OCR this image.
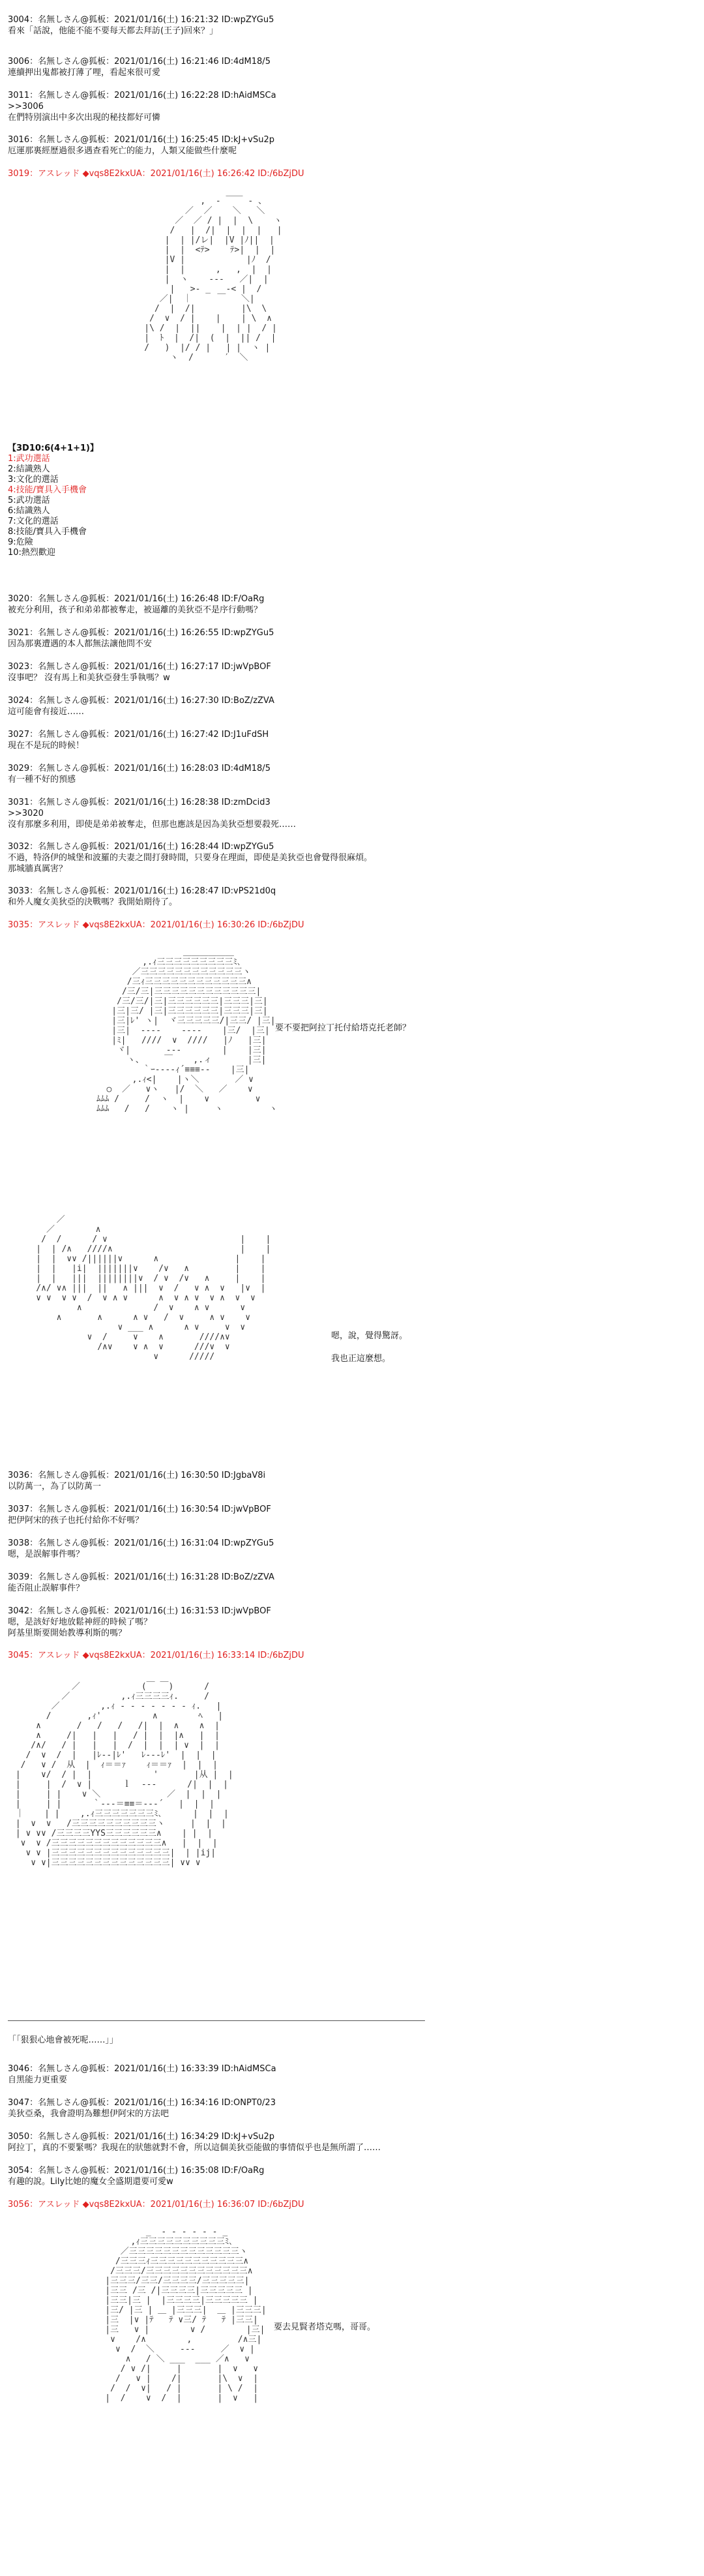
3004：名無しさん@狐板：2021/01/16(土) 16:21:32 ID:wpZYGu5
看來「話說，他能不能不要每天都去拜訪(王子)回來？」
3006：名無しさん@狐板：2021/01/16(土) 16:21:46 ID:4dM18/5
連續押出鬼都被打薄了哩，看起來很可愛
3011：名無しさん@狐板：2021/01/16(土) 16:22:28 ID:hAidMSCa
>>3006
在們特別演出中多次出現的秘技都好可憐
3016：名無しさん@狐板：2021/01/16(土) 16:25:45 ID:kJ+vSu2p
厄運那裏經歷過很多遇查看死亡的能力，人類又能做些什麼呢
3019：アスレッド ◆vqs8E2kxUA：2021/01/16(土) 16:26:42 ID:/6bZjDU
,  ‐ ￣￣ ‐ 、
／  ／    ＼   ＼
／  ／ / |  |  \    ヽ
/   |  /|  |  |  |   |
|  | |/レ|  |V |ﾉ||  |
|  |  <ﾃ>    ﾃ>|  |  |
|V |            |ﾉ  /
|  |      ,   ,  |  |
|  ヽ    ‐‐‐   ／|  |
|   >‐ _   ‐< |  /
／|  ｜     ￣   ＼|
/  |  /|         |\  \
/  ∨  / |    |    | \  ∧
|\ /  |  ||    |  | |  / |
|  ﾄ  |  /|  (  |  || /  |
/   )  |/ / |   | |  ヽ |
ヽ  /      ′  ＼
【3D10:6(4+1+1)】
1:武功選話
2:結識熟人
3:文化的選話
4:技能/寶具入手機會
5:武功選話
6:結識熟人
7:文化的選話
8:技能/寶具入手機會
9:危險
10:熱烈歡迎
3020：名無しさん@狐板：2021/01/16(土) 16:26:48 ID:F/OaRg
被充分利用，孩子和弟弟都被奪走，被逼離的美狄亞不是序行動嗎？
3021：名無しさん@狐板：2021/01/16(土) 16:26:55 ID:wpZYGu5
因為那裏遭遇的本人都無法讓他問不安
3023：名無しさん@狐板：2021/01/16(土) 16:27:17 ID:jwVpBOF
沒事吧？ 沒有馬上和美狄亞發生爭執嗎？w
3024：名無しさん@狐板：2021/01/16(土) 16:27:30 ID:BoZ/zZVA
這可能會有接近……
3027：名無しさん@狐板：2021/01/16(土) 16:27:42 ID:J1uFdSH
現在不是玩的時候！
3029：名無しさん@狐板：2021/01/16(土) 16:28:03 ID:4dM18/5
有一種不好的預感
3031：名無しさん@狐板：2021/01/16(土) 16:28:38 ID:zmDcid3
>>3020
沒有那麼多利用，即使是弟弟被奪走，但那也應該是因為美狄亞想要殺死……
3032：名無しさん@狐板：2021/01/16(土) 16:28:44 ID:wpZYGu5
不過，特洛伊的城堡和波羅的夫妻之間打發時間，只要身在理面，即使是美狄亞也會覺得很麻煩。
那城牆真厲害？
3033：名無しさん@狐板：2021/01/16(土) 16:28:47 ID:vPS21d0q
和外人魔女美狄亞的決戰嗎？我開始期待了。
3035：アスレッド ◆vqs8E2kxUA：2021/01/16(土) 16:30:26 ID:/6bZjDU
＿＿＿＿＿＿
,.ｨ三三三三三三三三三ﾐ､
／三三三三三三三三三三三三ヽ
/三ｨ三三三三三三三三三三三三∧
/三/三|三三三三三三三三三三三三|
/三/三/|三|三三三三三三|三三三|三|
|三|三/ |三|三三三三三三|三三三|三|
|三|ﾚ' ヽ|  ヾ三三三三三/|三三/ |三|
|三|  ‐‐‐‐    ‐‐‐‐    |三/  |三|
|ﾐ|   ////  ∨  ////   |ﾉ   |三|
ヾ|       ‐‐‐        |    |三|
ヽ、    ￣    ,.ィ       |三|
｀ｰ‐‐‐‐ｨ´≡≡≡‐‐    |三|
,.ｨ<|    |ヽ＼       ／ ∨
○  ／   ∨ヽ   |/  ＼   ／    ∨
ﾑﾑﾑ /     /  ヽ  |    ∨         ∨
ﾑﾑﾑ   /   /    ヽ |     ヽ         ヽ
要不要把阿拉丁托付給塔克托老師？
／
／        ∧
/  /      / ∨                          |    |
|  | /∧   ////∧                         |    |
|  |  ∨∨ /||||||∨      ∧               |    |
|  |   |i|  |||||||∨    /∨   ∧         |    |
|  |   |||  ||||||||∨  / ∨  /∨   ∧     |    |
/∧/ ∨∧ |||  ||   ∧ |||  ∨  /   ∨ ∧  ∨   |∨  |
∨ ∨  ∨ ∨  /  ∨ ∧ ∨      ∧  ∨ ∧ ∨  ∨ ∧  ∨  ∨
∧              /  ∨    ∧ ∨      ∨
∧       ∧      ∧ ∨   /  ∨     ∧ ∨    ∨
∨ ___ ∧      ∧ ∨     ∨  ∨
∨  /     ∨    ∧       ////∧∨
/∧∨    ∨ ∧  ∨      ///∨  ∨
∨      /////
嗯，說，覺得驚訝。
我也正這麼想。
3036：名無しさん@狐板：2021/01/16(土) 16:30:50 ID:JgbaV8i
以防萬一，為了以防萬一
3037：名無しさん@狐板：2021/01/16(土) 16:30:54 ID:jwVpBOF
把伊阿宋的孩子也托付給你不好嗎？
3038：名無しさん@狐板：2021/01/16(土) 16:31:04 ID:wpZYGu5
嗯，是誤解事件嗎？
3039：名無しさん@狐板：2021/01/16(土) 16:31:28 ID:BoZ/zZVA
能否阻止誤解事件？
3042：名無しさん@狐板：2021/01/16(土) 16:31:53 ID:jwVpBOF
嗯，是該好好地放鬆神經的時候了嗎？
阿基里斯要開始教導利斯的嗎？
3045：アスレッド ◆vqs8E2kxUA：2021/01/16(土) 16:33:14 ID:/6bZjDU
／            (￣ ￣)      /
／          ,.ｨ三三三三ｨ.     /
／        ,.ｨ ‐ ‐ ‐ ‐ ‐ ‐ ‐ ｨ.   |
/       ,ｨ'          ∧        ﾍ   |
∧       /   /   /   /|  |  ∧    ∧  |
∧     /|   |   |   / |  |  |∧   |  |
/∧/   / |   |   |  /  |  |  | ∨  |  |
/  ∨  /  |   |ﾚ‐‐|ﾚ'   ﾚ‐‐‐ﾚ'  |  |  |
/   ∨ /  从  |  ｨ＝＝ｧ    ｨ＝＝ｧ  |  |  |
|    ∨/  / |  |            '       |从 |  |
|     |  /  ∨ |      ｌ  ‐‐‐      /|  |  |
|     | |    ∨ ＼             ／  |  |  |
|     | |      ｀‐‐‐＝≡≡＝‐‐‐´   |  |  |
｜    | |    ,.ｨ三三三三三三三ﾐ､      |  |  |
|  ∨  ∨   /三三三三三三三三三三ヽ     |  |  |
| ∨ ∨∨ /三三三三YYS三三三三三三∧    | |  |
∨  ∨ /三三三三三三三三三三三三三∧   |  |  |
∨ ∨ |三三三三三三三三三三三三三三|  | |ij|
∨ ∨|三三三三三三三三三三三三三三| ∨∨ ∨
「「狠狠心地會被死呢……」」
3046：名無しさん@狐板：2021/01/16(土) 16:33:39 ID:hAidMSCa
自黑能力更重要
3047：名無しさん@狐板：2021/01/16(土) 16:34:16 ID:ONPT0/23
美狄亞桑，我會證明為難想伊阿宋的方法吧
3050：名無しさん@狐板：2021/01/16(土) 16:34:29 ID:kJ+vSu2p
阿拉丁，真的不要緊嗎？我現在的狀態就對不會，所以這個美狄亞能做的事情似乎也是無所謂了……
3054：名無しさん@狐板：2021/01/16(土) 16:35:08 ID:F/OaRg
有趣的說。Lily比她的魔女全盛期還要可愛w
3056：アスレッド ◆vqs8E2kxUA：2021/01/16(土) 16:36:07 ID:/6bZjDU
_  ‐ ‐ ‐ ‐ ‐ ‐ _
,ｨ三三三三三三三三三三ﾐ､
／三三三三三三三三三三三三三ヽ
/三三三ｨ三三三三三三三三三三三∧
/三三三/三三三三三三三三三三三三∧
|三三三/三三/三三三三/三三三三三|
|三三 /三 /|三三三三|三三三三三 |
|三三|三 |  |三三三三|三三三三三 |
|三/ |三 | ＿ |三三三|  ＿ |三三三|
|三  |∨ |ﾃ   ﾃ ∨三/ ﾃ   ﾃ |三三|
|三   ∨ |        ∨ /        |三|
∨    /∧        ,         /∧三|
∨  /  ＼     ‐‐‐     ／  ∨ |
∧   / ＼ ___  ___ ／∧   ∨
/ ∨ /|     |       |  ∨   ∨
/   ∨ |    /|       |\  ∨  |
/  /  ∨|   / |       | \ /  |
|  /    ∨  /  |       |  ∨   |
要去見賢者塔克嗎，哥哥。
